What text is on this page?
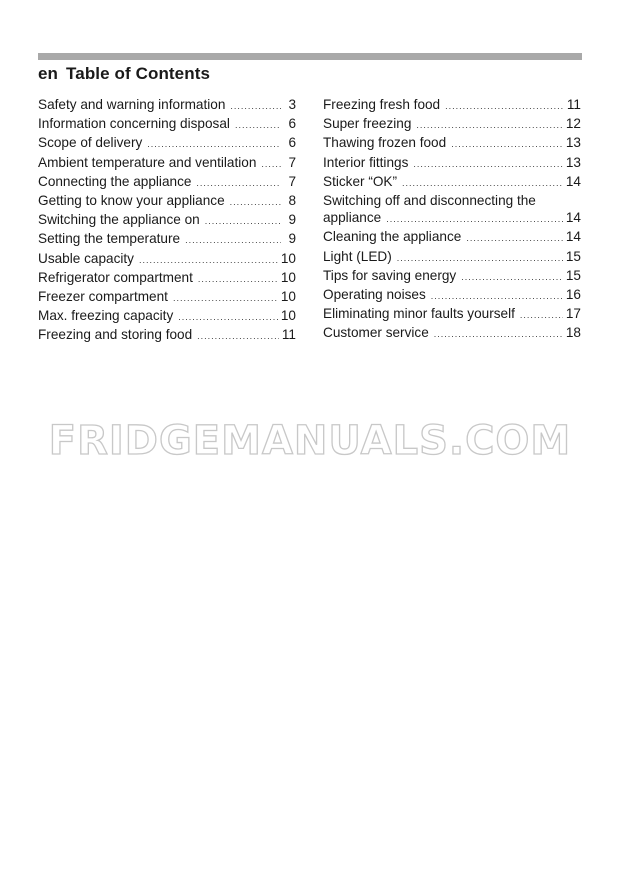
en Table of Contents
Safety and warning information .....	3
Information concerning disposal .....	6
Scope of delivery .....	6
Ambient temperature and ventilation .....	7
Connecting the appliance .....	7
Getting to know your appliance .....	8
Switching the appliance on .....	9
Setting the temperature .....	9
Usable capacity .....	10
Refrigerator compartment .....	10
Freezer compartment .....	10
Max. freezing capacity .....	10
Freezing and storing food .....	11
Freezing fresh food .....	11
Super freezing .....	12
Thawing frozen food .....	13
Interior fittings .....	13
Sticker “OK” .....	14
Switching off and disconnecting the
appliance .....	14
Cleaning the appliance .....	14
Light (LED) .....	15
Tips for saving energy .....	15
Operating noises .....	16
Eliminating minor faults yourself .....	17
Customer service .....	18
FRIDGEMANUALS.COM
